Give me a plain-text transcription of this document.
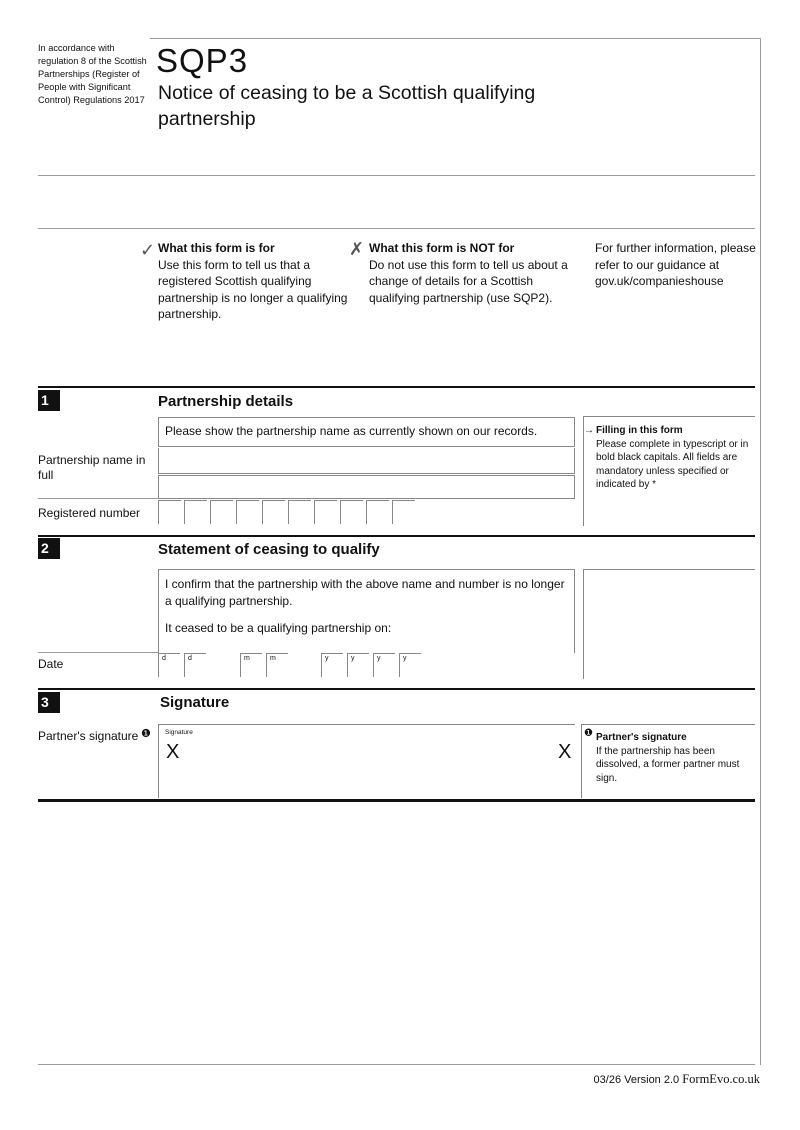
In accordance with regulation 8 of the Scottish Partnerships (Register of People with Significant Control) Regulations 2017
SQP3
Notice of ceasing to be a Scottish qualifying partnership
✓ What this form is for
Use this form to tell us that a registered Scottish qualifying partnership is no longer a qualifying partnership.
✗ What this form is NOT for
Do not use this form to tell us about a change of details for a Scottish qualifying partnership (use SQP2).
For further information, please refer to our guidance at gov.uk/companieshouse
1	Partnership details
Please show the partnership name as currently shown on our records.
Partnership name in full
Registered number
→ Filling in this form
Please complete in typescript or in bold black capitals. All fields are mandatory unless specified or indicated by *
2	Statement of ceasing to qualify
I confirm that the partnership with the above name and number is no longer a qualifying partnership.
It ceased to be a qualifying partnership on:
Date	d	d	m	m	y	y	y	y
3	Signature
Partner's signature ❶	Signature
X	X
❶ Partner's signature
If the partnership has been dissolved, a former partner must sign.
03/26 Version 2.0 FormEvo.co.uk
